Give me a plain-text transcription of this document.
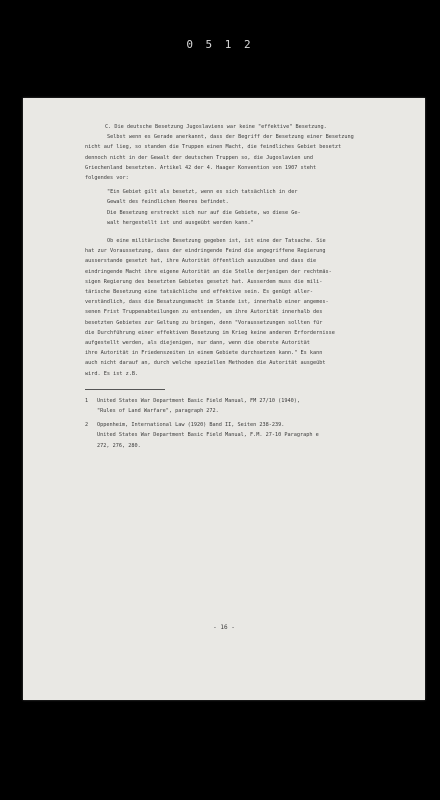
0 5 1 2
C. Die deutsche Besetzung Jugoslaviens war keine "effektive" Besetzung.
Selbst wenn es Gerade anerkannt, dass der Begriff der Besetzung einer Besetzung
nicht auf lieg, so standen die Truppen einen Macht, die feindliches Gebiet besetzt
dennoch nicht in der Gewalt der deutschen Truppen so, die Jugoslavien und
Griechenland besetzten. Artikel 42 der 4. Haager Konvention von 1907 steht
folgendes vor:
"Ein Gebiet gilt als besetzt, wenn es sich tatsächlich in der
Gewalt des feindlichen Heeres befindet.
Die Besetzung erstreckt sich nur auf die Gebiete, wo diese Ge-
walt hergestellt ist und ausgeübt werden kann."
Ob eine militärische Besetzung gegeben ist, ist eine der Tatsache. Sie
hat zur Voraussetzung, dass der eindringende Feind die angegriffene Regierung
ausserstande gesetzt hat, ihre Autorität öffentlich auszuüben und dass die
eindringende Macht ihre eigene Autorität an die Stelle derjenigen der rechtmäs-
sigen Regierung des besetzten Gebietes gesetzt hat. Ausserdem muss die mili-
tärische Besetzung eine tatsächliche und effektive sein. Es genügt aller-
verständlich, dass die Besatzungsmacht im Stande ist, innerhalb einer angemes-
senen Frist Truppenabteilungen zu entsenden, um ihre Autorität innerhalb des
besetzten Gebietes zur Geltung zu bringen, denn "Voraussetzungen sollten für
die Durchführung einer effektiven Besetzung im Krieg keine anderen Erfordernisse
aufgestellt werden, als diejenigen, nur dann, wenn die oberste Autorität
ihre Autorität in Friedenszeiten in einem Gebiete durchsetzen kann." Es kann
auch nicht darauf an, durch welche speziellen Methoden die Autorität ausgeübt
wird. Es ist z.B.
1	United States War Department Basic Field Manual, FM 27/10 (1940),
"Rules of Land Warfare", paragraph 272.
2	Oppenheim, International Law (1920) Band II, Seiten 238-239.
United States War Department Basic Field Manual, F.M. 27-10 Paragraph e
272, 276, 280.
- 16 -
